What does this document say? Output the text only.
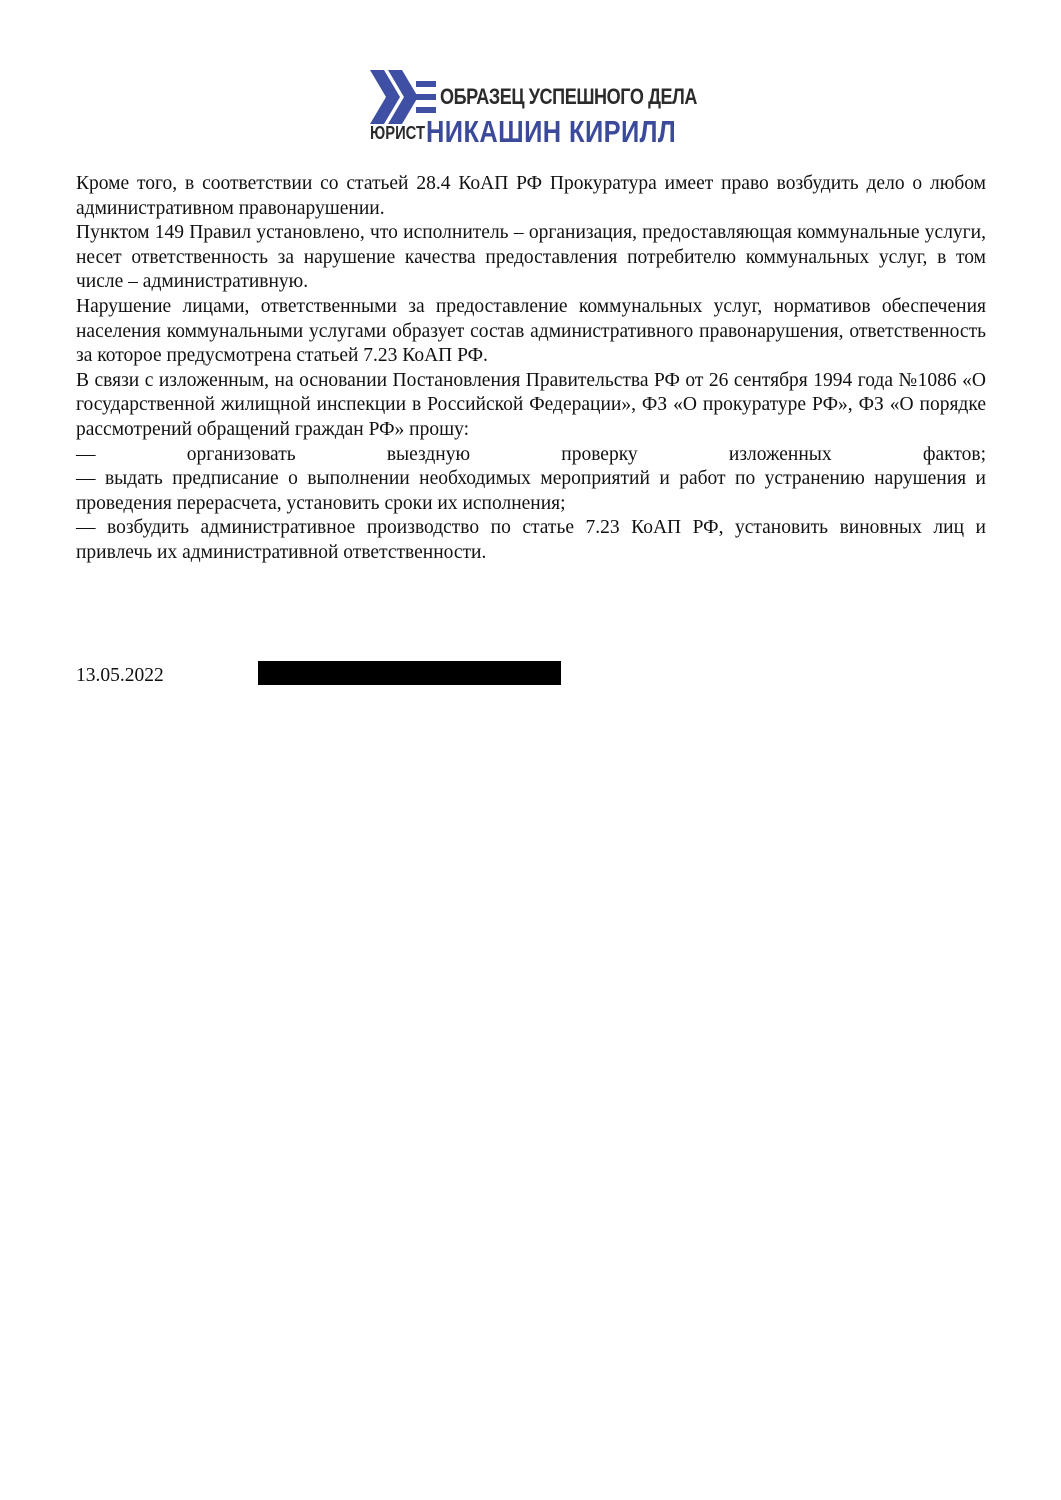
ОБРАЗЕЦ УСПЕШНОГО ДЕЛА
ЮРИСТ НИКАШИН КИРИЛЛ

Кроме того, в соответствии со статьей 28.4 КоАП РФ Прокуратура имеет право возбудить дело о любом административном правонарушении.

Пунктом 149 Правил установлено, что исполнитель – организация, предоставляющая коммунальные услуги, несет ответственность за нарушение качества предоставления потребителю коммунальных услуг, в том числе – административную.

Нарушение лицами, ответственными за предоставление коммунальных услуг, нормативов обеспечения населения коммунальными услугами образует состав административного правонарушения, ответственность за которое предусмотрена статьей 7.23 КоАП РФ.

В связи с изложенным, на основании Постановления Правительства РФ от 26 сентября 1994 года №1086 «О государственной жилищной инспекции в Российской Федерации», ФЗ «О прокуратуре РФ», ФЗ «О порядке рассмотрений обращений граждан РФ» прошу:

— организовать выездную проверку изложенных фактов;

— выдать предписание о выполнении необходимых мероприятий и работ по устранению нарушения и проведения перерасчета, установить сроки их исполнения;

— возбудить административное производство по статье 7.23 КоАП РФ, установить виновных лиц и привлечь их административной ответственности.

13.05.2022
